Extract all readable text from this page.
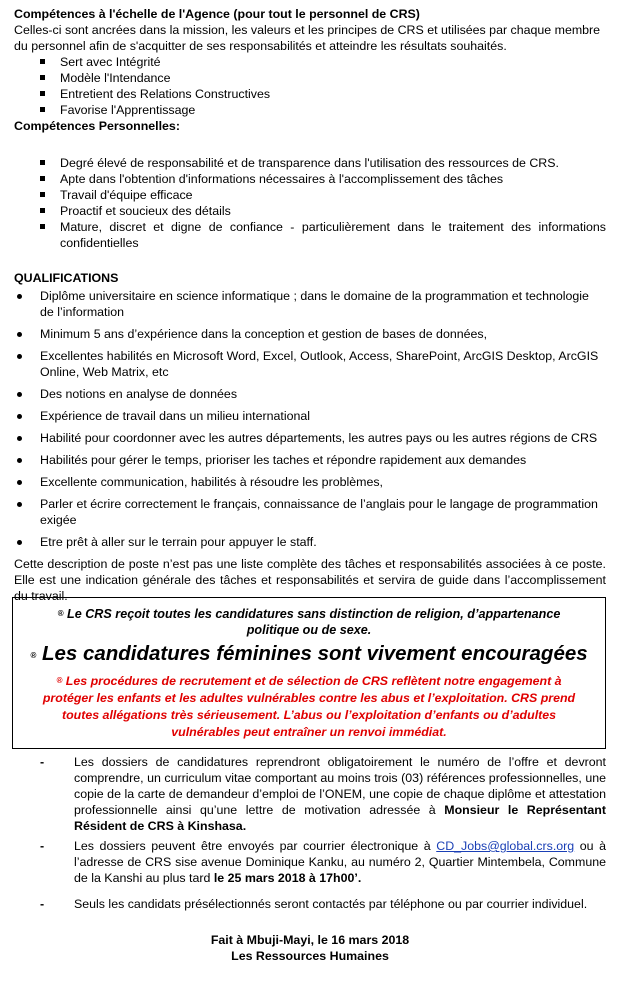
Compétences à l'échelle de l'Agence (pour tout le personnel de CRS)

Celles-ci sont ancrées dans la mission, les valeurs et les principes de CRS et utilisées par chaque membre du personnel afin de s'acquitter de ses responsabilités et atteindre les résultats souhaités.

Sert avec Intégrité
Modèle l'Intendance
Entretient des Relations Constructives
Favorise l'Apprentissage

Compétences Personnelles:

Degré élevé de responsabilité et de transparence dans l'utilisation des ressources de CRS.
Apte dans l'obtention d'informations nécessaires à l'accomplissement des tâches
Travail d'équipe efficace
Proactif et soucieux des détails
Mature, discret et digne de confiance - particulièrement dans le traitement des informations confidentielles

QUALIFICATIONS

Diplôme universitaire en science informatique ; dans le domaine de la programmation et technologie de l’information
Minimum 5 ans d’expérience dans la conception et gestion de bases de données,
Excellentes habilités en Microsoft Word, Excel, Outlook, Access, SharePoint, ArcGIS Desktop, ArcGIS Online, Web Matrix, etc
Des notions en analyse de données
Expérience de travail dans un milieu international
Habilité pour coordonner avec les autres départements, les autres pays ou les autres régions de CRS
Habilités pour gérer le temps, prioriser les taches et répondre rapidement aux demandes
Excellente communication, habilités à résoudre les problèmes,
Parler et écrire correctement le français, connaissance de l’anglais pour le langage de programmation exigée
Etre prêt à aller sur le terrain pour appuyer le staff.
Cette description de poste n’est pas une liste complète des tâches et responsabilités associées à ce poste. Elle est une indication générale des tâches et responsabilités et servira de guide dans l’accomplissement du travail.
® Le CRS reçoit toutes les candidatures sans distinction de religion, d’appartenance politique ou de sexe.
® Les candidatures féminines sont vivement encouragées
® Les procédures de recrutement et de sélection de CRS reflètent notre engagement à protéger les enfants et les adultes vulnérables contre les abus et l’exploitation. CRS prend toutes allégations très sérieusement. L’abus ou l’exploitation d’enfants ou d’adultes vulnérables peut entraîner un renvoi immédiat.
- Les dossiers de candidatures reprendront obligatoirement le numéro de l’offre et devront comprendre, un curriculum vitae comportant au moins trois (03) références professionnelles, une copie de la carte de demandeur d’emploi de l’ONEM, une copie de chaque diplôme et attestation professionnelle ainsi qu’une lettre de motivation adressée à Monsieur le Représentant Résident de CRS à Kinshasa.
- Les dossiers peuvent être envoyés par courrier électronique à CD_Jobs@global.crs.org ou à l’adresse de CRS sise avenue Dominique Kanku, au numéro 2, Quartier Mintembela, Commune de la Kanshi au plus tard le 25 mars 2018 à 17h00’.
- Seuls les candidats présélectionnés seront contactés par téléphone ou par courrier individuel.
Fait à Mbuji-Mayi, le 16 mars 2018
Les Ressources Humaines
